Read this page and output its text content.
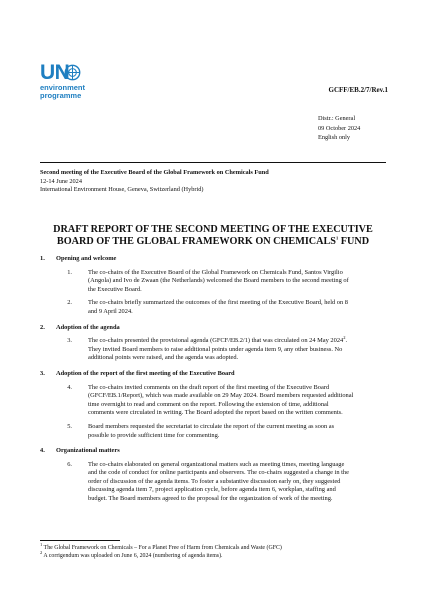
UN
environment
programme
GCFF/EB.2/7/Rev.1
Distr.: General
09 October 2024
English only
Second meeting of the Executive Board of the Global Framework on Chemicals Fund
12-14 June 2024
International Environment House, Geneva, Switzerland (Hybrid)
DRAFT REPORT OF THE SECOND MEETING OF THE EXECUTIVE
BOARD OF THE GLOBAL FRAMEWORK ON CHEMICALS$^1$ FUND
1.	Opening and welcome
1.	The co-chairs of the Executive Board of the Global Framework on Chemicals Fund, Santos Virgilio (Angola) and Ivo de Zwaan (the Netherlands) welcomed the Board members to the second meeting of the Executive Board.
2.	The co-chairs briefly summarized the outcomes of the first meeting of the Executive Board, held on 8 and 9 April 2024.
2.	Adoption of the agenda
3.	The co-chairs presented the provisional agenda (GFCF/EB.2/1) that was circulated on 24 May 2024$^2$. They invited Board members to raise additional points under agenda item 9, any other business. No additional points were raised, and the agenda was adopted.
3.	Adoption of the report of the first meeting of the Executive Board
4.	The co-chairs invited comments on the draft report of the first meeting of the Executive Board (GFCF/EB.1/Report), which was made available on 29 May 2024. Board members requested additional time overnight to read and comment on the report. Following the extension of time, additional comments were circulated in writing. The Board adopted the report based on the written comments.
5.	Board members requested the secretariat to circulate the report of the current meeting as soon as possible to provide sufficient time for commenting.
4.	Organizational matters
6.	The co-chairs elaborated on general organizational matters such as meeting times, meeting language and the code of conduct for online participants and observers. The co-chairs suggested a change in the order of discussion of the agenda items. To foster a substantive discussion early on, they suggested discussing agenda item 7, project application cycle, before agenda item 6, workplan, staffing and budget. The Board members agreed to the proposal for the organization of work of the meeting.
$^1$ The Global Framework on Chemicals – For a Planet Free of Harm from Chemicals and Waste (GFC)
$^2$ A corrigendum was uploaded on June 6, 2024 (numbering of agenda items).
